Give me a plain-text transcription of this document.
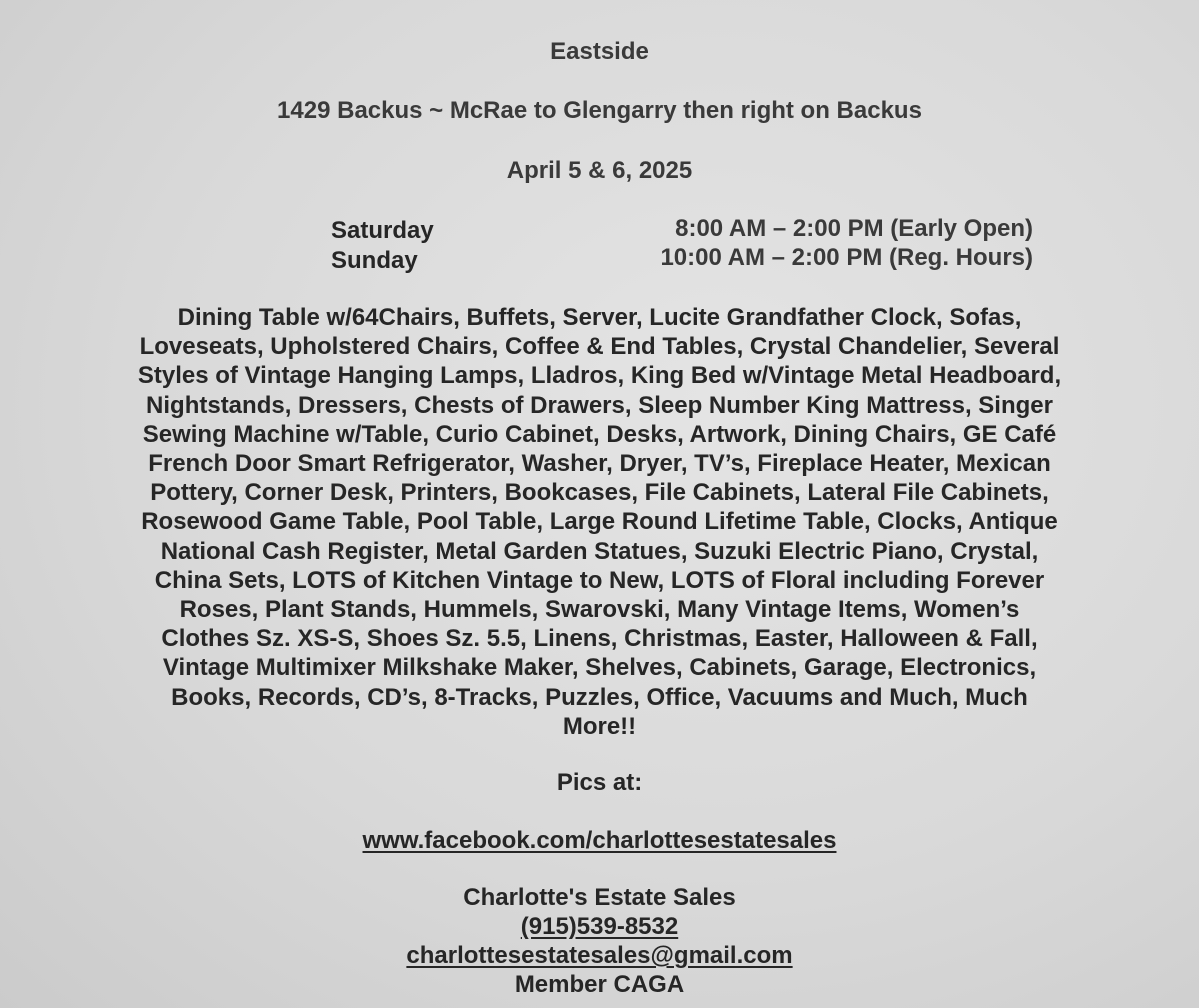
Eastside
1429 Backus ~ McRae to Glengarry then right on Backus
April 5 & 6, 2025
Saturday	8:00 AM – 2:00 PM (Early Open)
Sunday	10:00 AM – 2:00 PM (Reg. Hours)
Dining Table w/64Chairs, Buffets, Server, Lucite Grandfather Clock, Sofas,
Loveseats, Upholstered Chairs, Coffee & End Tables, Crystal Chandelier, Several
Styles of Vintage Hanging Lamps, Lladros, King Bed w/Vintage Metal Headboard,
Nightstands, Dressers, Chests of Drawers, Sleep Number King Mattress, Singer
Sewing Machine w/Table, Curio Cabinet, Desks, Artwork, Dining Chairs, GE Café
French Door Smart Refrigerator, Washer, Dryer, TV’s, Fireplace Heater, Mexican
Pottery, Corner Desk, Printers, Bookcases, File Cabinets, Lateral File Cabinets,
Rosewood Game Table, Pool Table, Large Round Lifetime Table, Clocks, Antique
National Cash Register, Metal Garden Statues, Suzuki Electric Piano, Crystal,
China Sets, LOTS of Kitchen Vintage to New, LOTS of Floral including Forever
Roses, Plant Stands, Hummels, Swarovski, Many Vintage Items, Women’s
Clothes Sz. XS-S, Shoes Sz. 5.5, Linens, Christmas, Easter, Halloween & Fall,
Vintage Multimixer Milkshake Maker, Shelves, Cabinets, Garage, Electronics,
Books, Records, CD’s, 8-Tracks, Puzzles, Office, Vacuums and Much, Much
More!!
Pics at:
www.facebook.com/charlottesestatesales
Charlotte's Estate Sales
(915)539-8532
charlottesestatesales@gmail.com
Member CAGA
